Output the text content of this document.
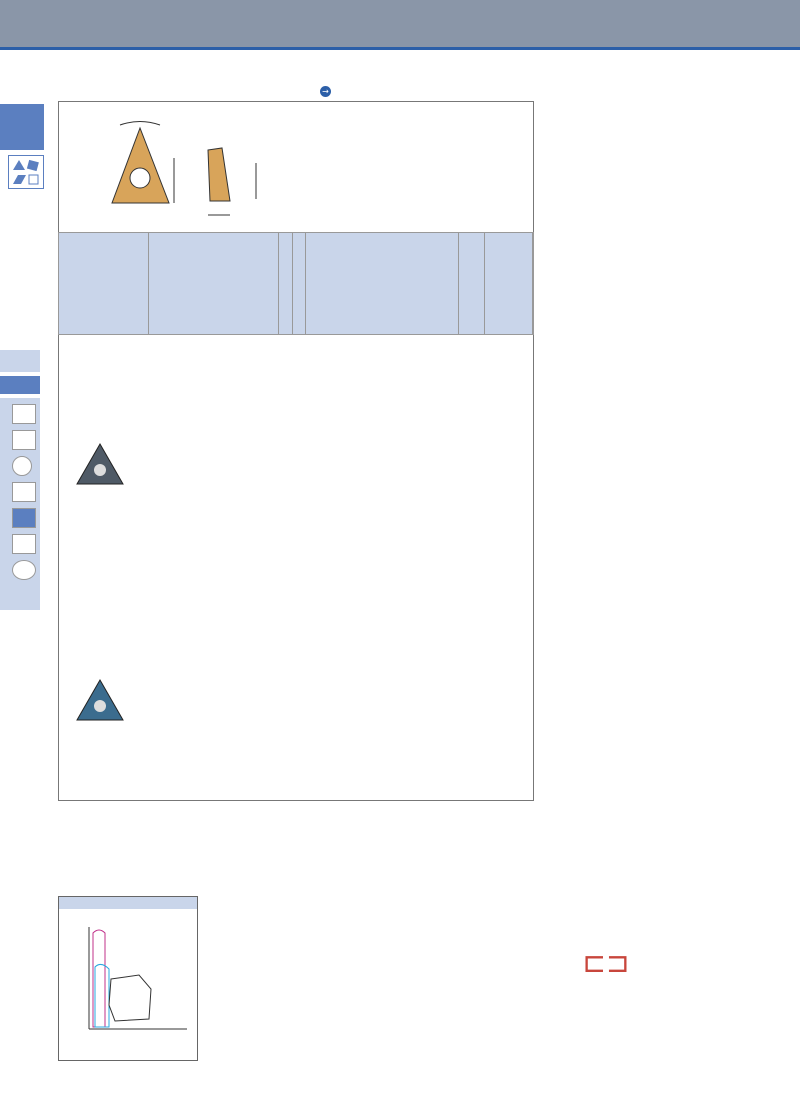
→

⊏⊐
